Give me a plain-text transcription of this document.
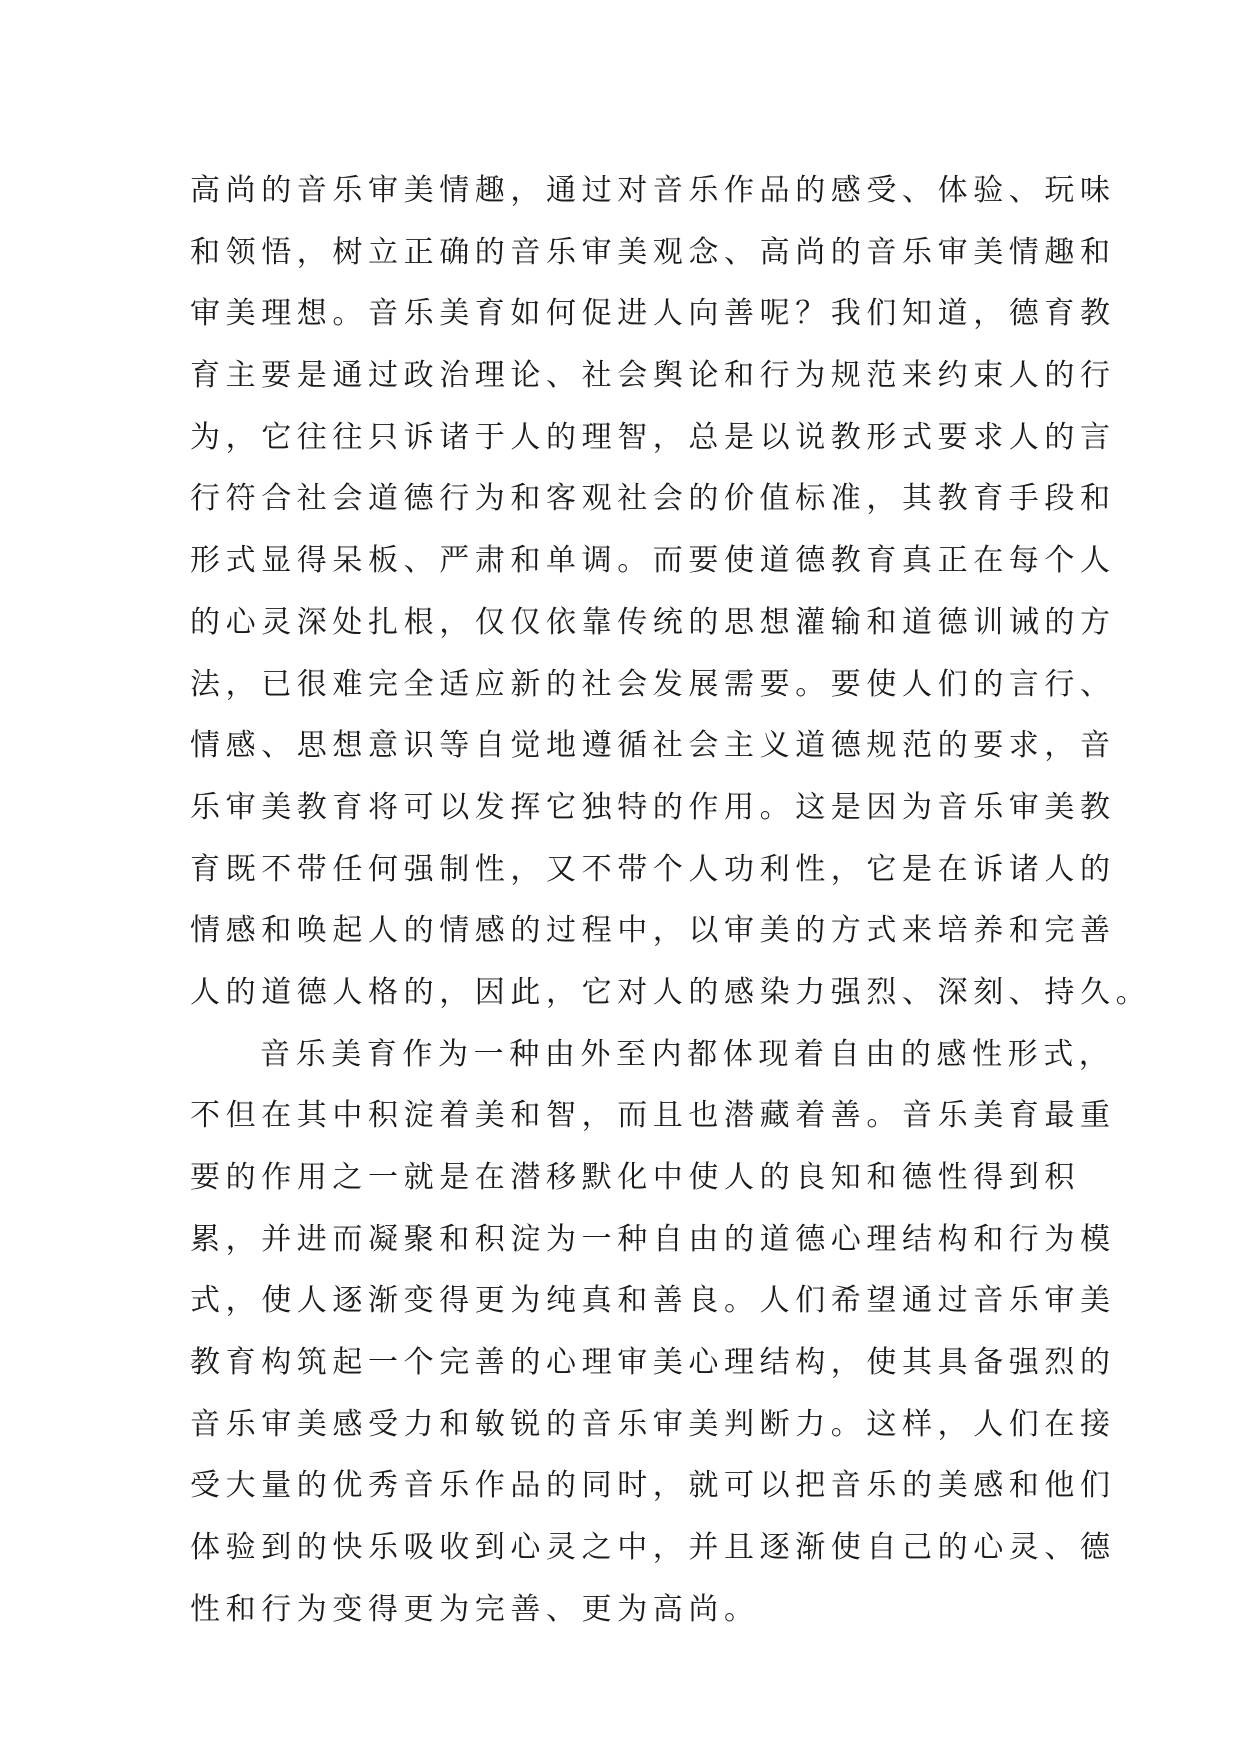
高尚的音乐审美情趣，通过对音乐作品的感受、体验、玩味
和领悟，树立正确的音乐审美观念、高尚的音乐审美情趣和
审美理想。音乐美育如何促进人向善呢？我们知道，德育教
育主要是通过政治理论、社会舆论和行为规范来约束人的行
为，它往往只诉诸于人的理智，总是以说教形式要求人的言
行符合社会道德行为和客观社会的价值标准，其教育手段和
形式显得呆板、严肃和单调。而要使道德教育真正在每个人
的心灵深处扎根，仅仅依靠传统的思想灌输和道德训诫的方
法，已很难完全适应新的社会发展需要。要使人们的言行、
情感、思想意识等自觉地遵循社会主义道德规范的要求，音
乐审美教育将可以发挥它独特的作用。这是因为音乐审美教
育既不带任何强制性，又不带个人功利性，它是在诉诸人的
情感和唤起人的情感的过程中，以审美的方式来培养和完善
人的道德人格的，因此，它对人的感染力强烈、深刻、持久。
音乐美育作为一种由外至内都体现着自由的感性形式，
不但在其中积淀着美和智，而且也潜藏着善。音乐美育最重
要的作用之一就是在潜移默化中使人的良知和德性得到积
累，并进而凝聚和积淀为一种自由的道德心理结构和行为模
式，使人逐渐变得更为纯真和善良。人们希望通过音乐审美
教育构筑起一个完善的心理审美心理结构，使其具备强烈的
音乐审美感受力和敏锐的音乐审美判断力。这样，人们在接
受大量的优秀音乐作品的同时，就可以把音乐的美感和他们
体验到的快乐吸收到心灵之中，并且逐渐使自己的心灵、德
性和行为变得更为完善、更为高尚。
